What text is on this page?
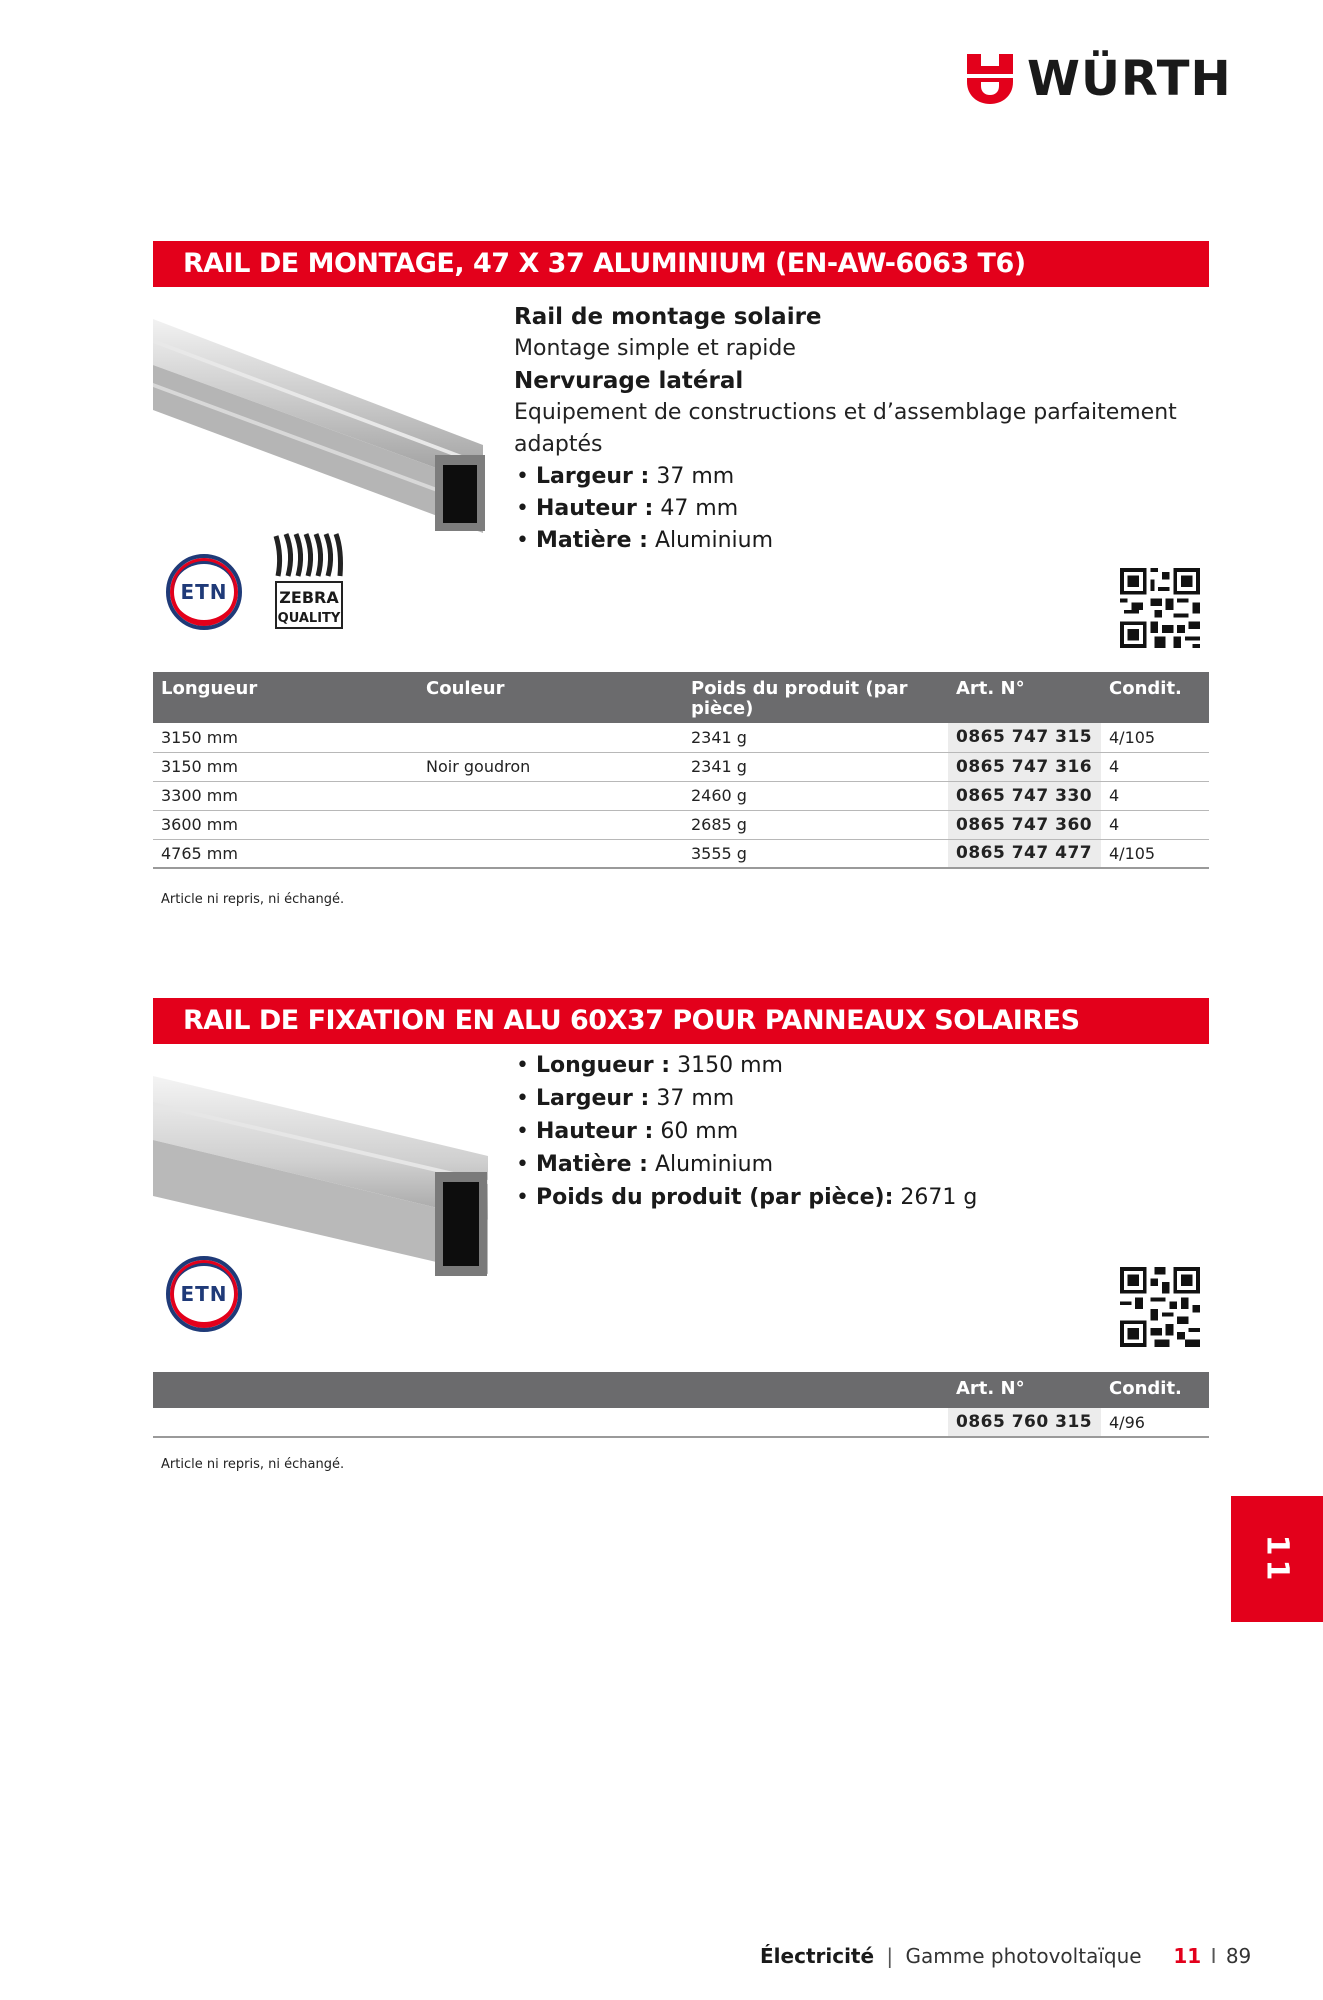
WÜRTH
RAIL DE MONTAGE, 47 X 37 ALUMINIUM (EN-AW-6063 T6)
Rail de montage solaire
Montage simple et rapide
Nervurage latéral
Equipement de constructions et d’assemblage parfaitement adaptés
• Largeur : 37 mm
• Hauteur : 47 mm
• Matière : Aluminium
ETN	ZEBRA
QUALITY
Longueur	Couleur	Poids du produit (par pièce)	Art. N°	Condit.
3150 mm		2341 g	0865 747 315	4/105
3150 mm	Noir goudron	2341 g	0865 747 316	4
3300 mm		2460 g	0865 747 330	4
3600 mm		2685 g	0865 747 360	4
4765 mm		3555 g	0865 747 477	4/105
Article ni repris, ni échangé.
RAIL DE FIXATION EN ALU 60X37 POUR PANNEAUX SOLAIRES
• Longueur : 3150 mm
• Largeur : 37 mm
• Hauteur : 60 mm
• Matière : Aluminium
• Poids du produit (par pièce): 2671 g
ETN
	Art. N°	Condit.
	0865 760 315	4/96
Article ni repris, ni échangé.
11
Électricité | Gamme photovoltaïque 11 I 89
